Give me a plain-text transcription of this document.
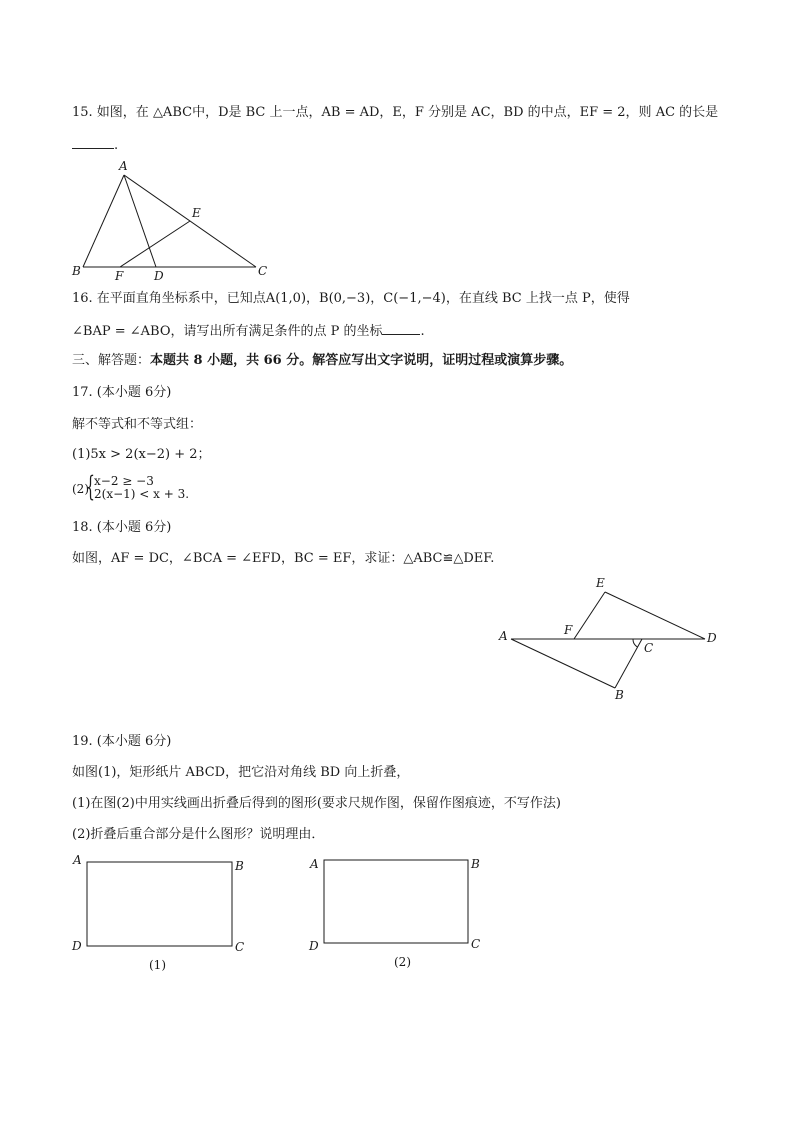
15. 如图，在 △ABC中，D是 BC 上一点，AB = AD，E，F 分别是 AC，BD 的中点，EF = 2，则 AC 的长是
.
A
B	C
D
E
F
16. 在平面直角坐标系中，已知点A(1,0)，B(0,−3)，C(−1,−4)，在直线 BC 上找一点 P，使得
∠BAP = ∠ABO，请写出所有满足条件的点 P 的坐标	.
三、解答题：本题共 8 小题，共 66 分。解答应写出文字说明，证明过程或演算步骤。
17. (本小题 6分)
解不等式和不等式组：
(1)5x > 2(x−2) + 2；
(2)
{ x−2 ≥ −3
2(x−1) < x + 3.
18. (本小题 6分)
如图，AF = DC，∠BCA = ∠EFD，BC = EF，求证：△ABC≌△DEF.
A
B
C
D
E
F
19. (本小题 6分)
如图(1)，矩形纸片 ABCD，把它沿对角线 BD 向上折叠，
(1)在图(2)中用实线画出折叠后得到的图形(要求尺规作图，保留作图痕迹，不写作法)
(2)折叠后重合部分是什么图形？说明理由．
A	B
C
D
(1)
A	B
C
D
(2)
